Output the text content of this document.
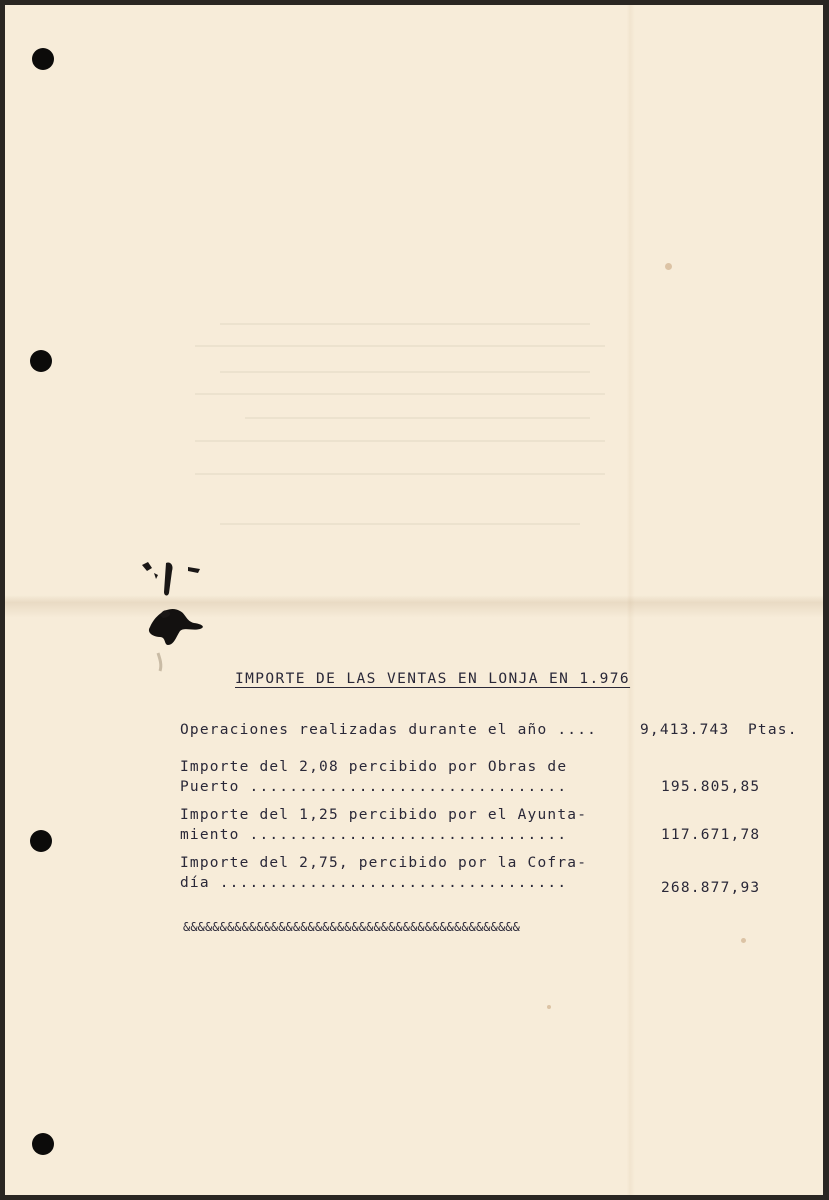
IMPORTE DE LAS VENTAS EN LONJA EN 1.976
Operaciones realizadas durante el año ....	9,413.743 Ptas.
Importe del 2,08 percibido por Obras de
Puerto ................................	195.805,85
Importe del 1,25 percibido por el Ayunta-
miento ................................	117.671,78
Importe del 2,75, percibido por la Cofra-
día ...................................	268.877,93
&&&&&&&&&&&&&&&&&&&&&&&&&&&&&&&&&&&&&&&&&&&&&&
